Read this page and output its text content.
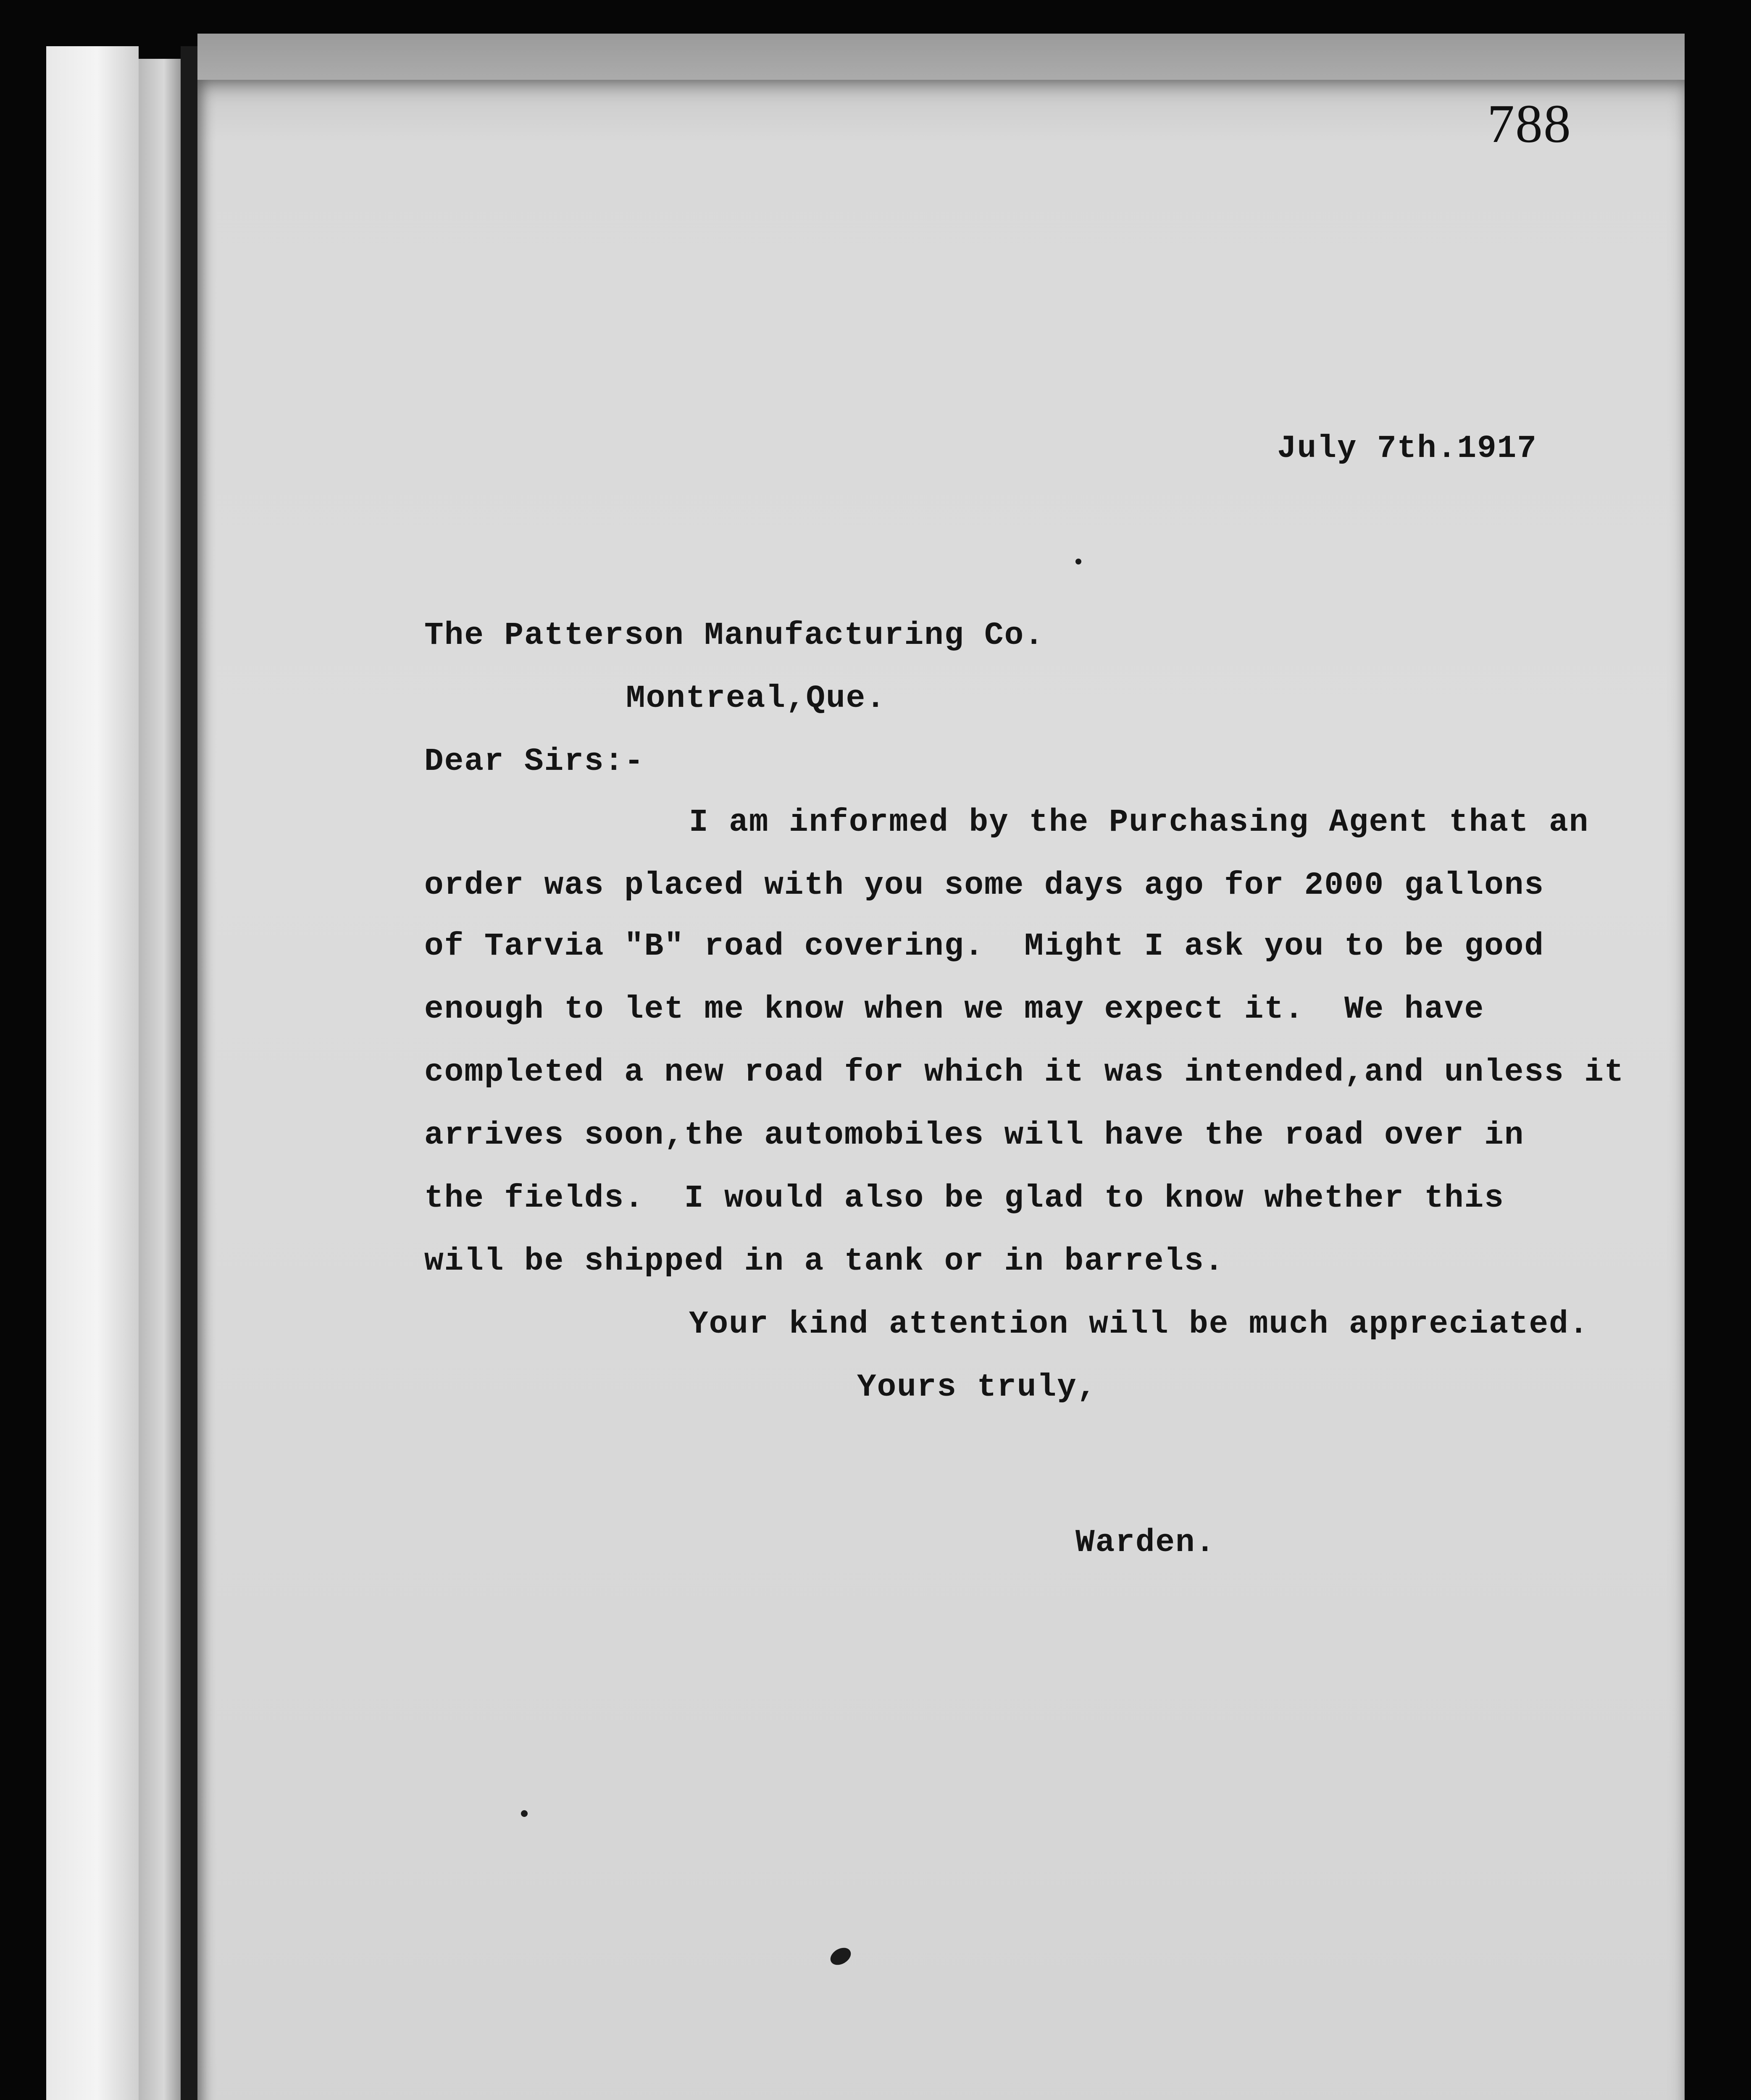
788
July 7th.1917
The Patterson Manufacturing Co.
Montreal,Que.
Dear Sirs:-
I am informed by the Purchasing Agent that an
order was placed with you some days ago for 2000 gallons
of Tarvia "B" road covering.  Might I ask you to be good
enough to let me know when we may expect it.  We have
completed a new road for which it was intended,and unless it
arrives soon,the automobiles will have the road over in
the fields.  I would also be glad to know whether this
will be shipped in a tank or in barrels.
Your kind attention will be much appreciated.
Yours truly,
Warden.
